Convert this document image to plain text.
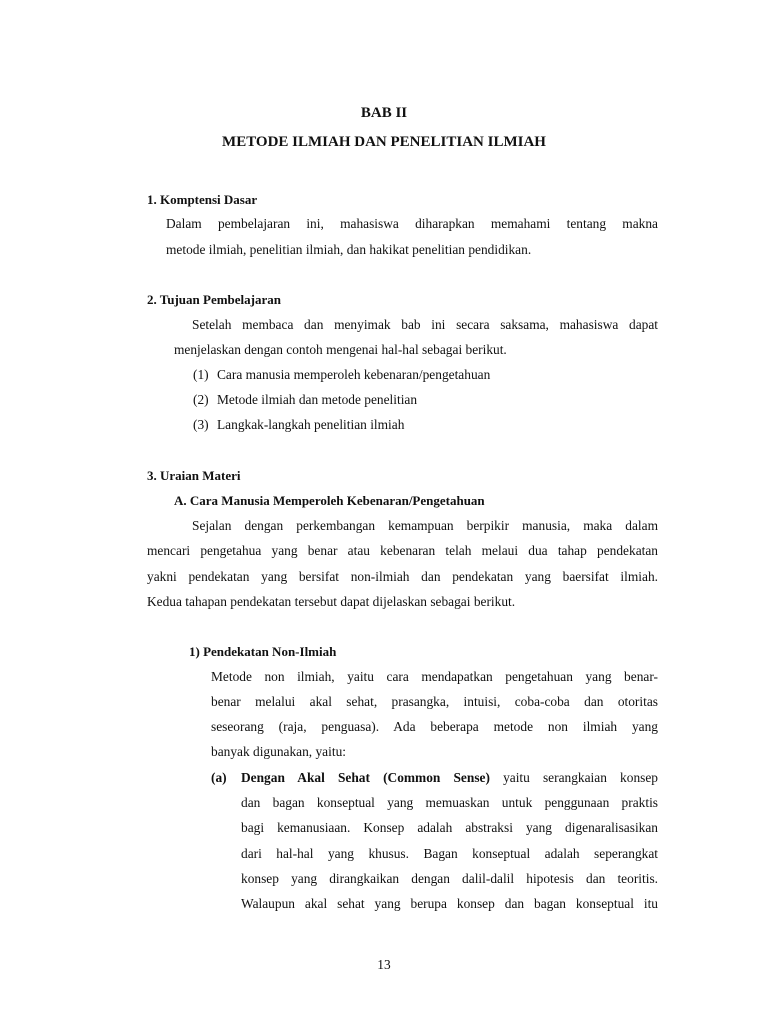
BAB II
METODE ILMIAH DAN PENELITIAN ILMIAH
1. Komptensi Dasar
Dalam pembelajaran ini, mahasiswa diharapkan memahami tentang makna
metode ilmiah, penelitian ilmiah, dan hakikat penelitian pendidikan.
2. Tujuan Pembelajaran
Setelah membaca dan menyimak bab ini secara saksama, mahasiswa dapat
menjelaskan dengan contoh mengenai hal-hal sebagai berikut.
(1) Cara manusia memperoleh kebenaran/pengetahuan
(2) Metode ilmiah dan metode penelitian
(3) Langkak-langkah penelitian ilmiah
3. Uraian Materi
A. Cara Manusia Memperoleh Kebenaran/Pengetahuan
Sejalan dengan perkembangan kemampuan berpikir manusia, maka dalam
mencari pengetahua yang benar atau kebenaran telah melaui dua tahap pendekatan
yakni pendekatan yang bersifat non-ilmiah dan pendekatan yang baersifat ilmiah.
Kedua tahapan pendekatan tersebut dapat dijelaskan sebagai berikut.
1) Pendekatan Non-Ilmiah
Metode non ilmiah, yaitu cara mendapatkan pengetahuan yang benar-
benar melalui akal sehat, prasangka, intuisi, coba-coba dan otoritas
seseorang (raja, penguasa). Ada beberapa metode non ilmiah yang
banyak digunakan, yaitu:
(a) Dengan Akal Sehat (Common Sense) yaitu serangkaian konsep
dan bagan konseptual yang memuaskan untuk penggunaan praktis
bagi kemanusiaan. Konsep adalah abstraksi yang digenaralisasikan
dari hal-hal yang khusus. Bagan konseptual adalah seperangkat
konsep yang dirangkaikan dengan dalil-dalil hipotesis dan teoritis.
Walaupun akal sehat yang berupa konsep dan bagan konseptual itu
13
